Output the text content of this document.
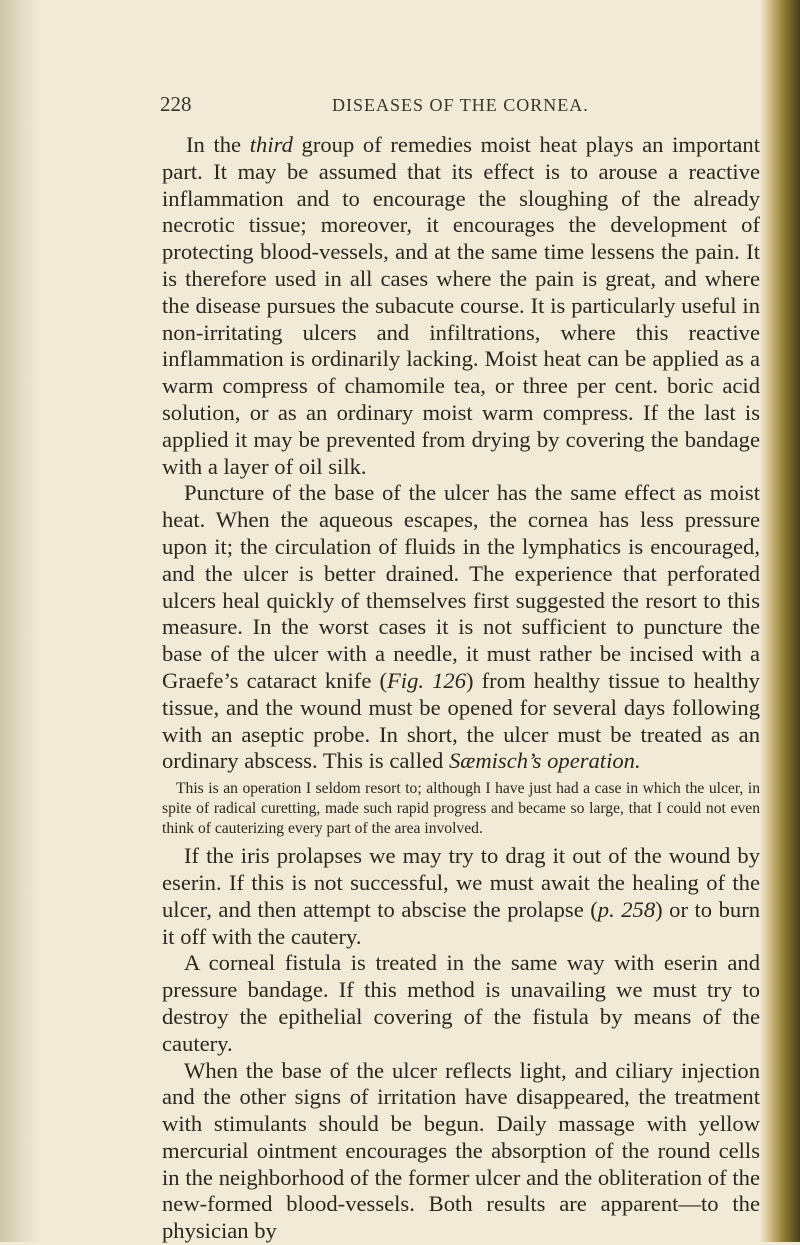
228	DISEASES OF THE CORNEA.

In the third group of remedies moist heat plays an important part. It may be assumed that its effect is to arouse a reactive inflammation and to encourage the sloughing of the already necrotic tissue; moreover, it encourages the development of protecting blood-vessels, and at the same time lessens the pain. It is therefore used in all cases where the pain is great, and where the disease pursues the subacute course. It is particularly useful in non-irritating ulcers and infiltrations, where this reactive inflammation is ordinarily lacking. Moist heat can be applied as a warm compress of chamomile tea, or three per cent. boric acid solution, or as an ordinary moist warm compress. If the last is applied it may be prevented from drying by covering the bandage with a layer of oil silk.

Puncture of the base of the ulcer has the same effect as moist heat. When the aqueous escapes, the cornea has less pressure upon it; the circulation of fluids in the lymphatics is encouraged, and the ulcer is better drained. The experience that perforated ulcers heal quickly of themselves first suggested the resort to this measure. In the worst cases it is not sufficient to puncture the base of the ulcer with a needle, it must rather be incised with a Graefe’s cataract knife (Fig. 126) from healthy tissue to healthy tissue, and the wound must be opened for several days following with an aseptic probe. In short, the ulcer must be treated as an ordinary abscess. This is called Sæmisch’s operation.

This is an operation I seldom resort to; although I have just had a case in which the ulcer, in spite of radical curetting, made such rapid progress and became so large, that I could not even think of cauterizing every part of the area involved.

If the iris prolapses we may try to drag it out of the wound by eserin. If this is not successful, we must await the healing of the ulcer, and then attempt to abscise the prolapse (p. 258) or to burn it off with the cautery.

A corneal fistula is treated in the same way with eserin and pressure bandage. If this method is unavailing we must try to destroy the epithelial covering of the fistula by means of the cautery.

When the base of the ulcer reflects light, and ciliary injection and the other signs of irritation have disappeared, the treatment with stimulants should be begun. Daily massage with yellow mercurial ointment encourages the absorption of the round cells in the neighborhood of the former ulcer and the obliteration of the new-formed blood-vessels. Both results are apparent—to the physician by
